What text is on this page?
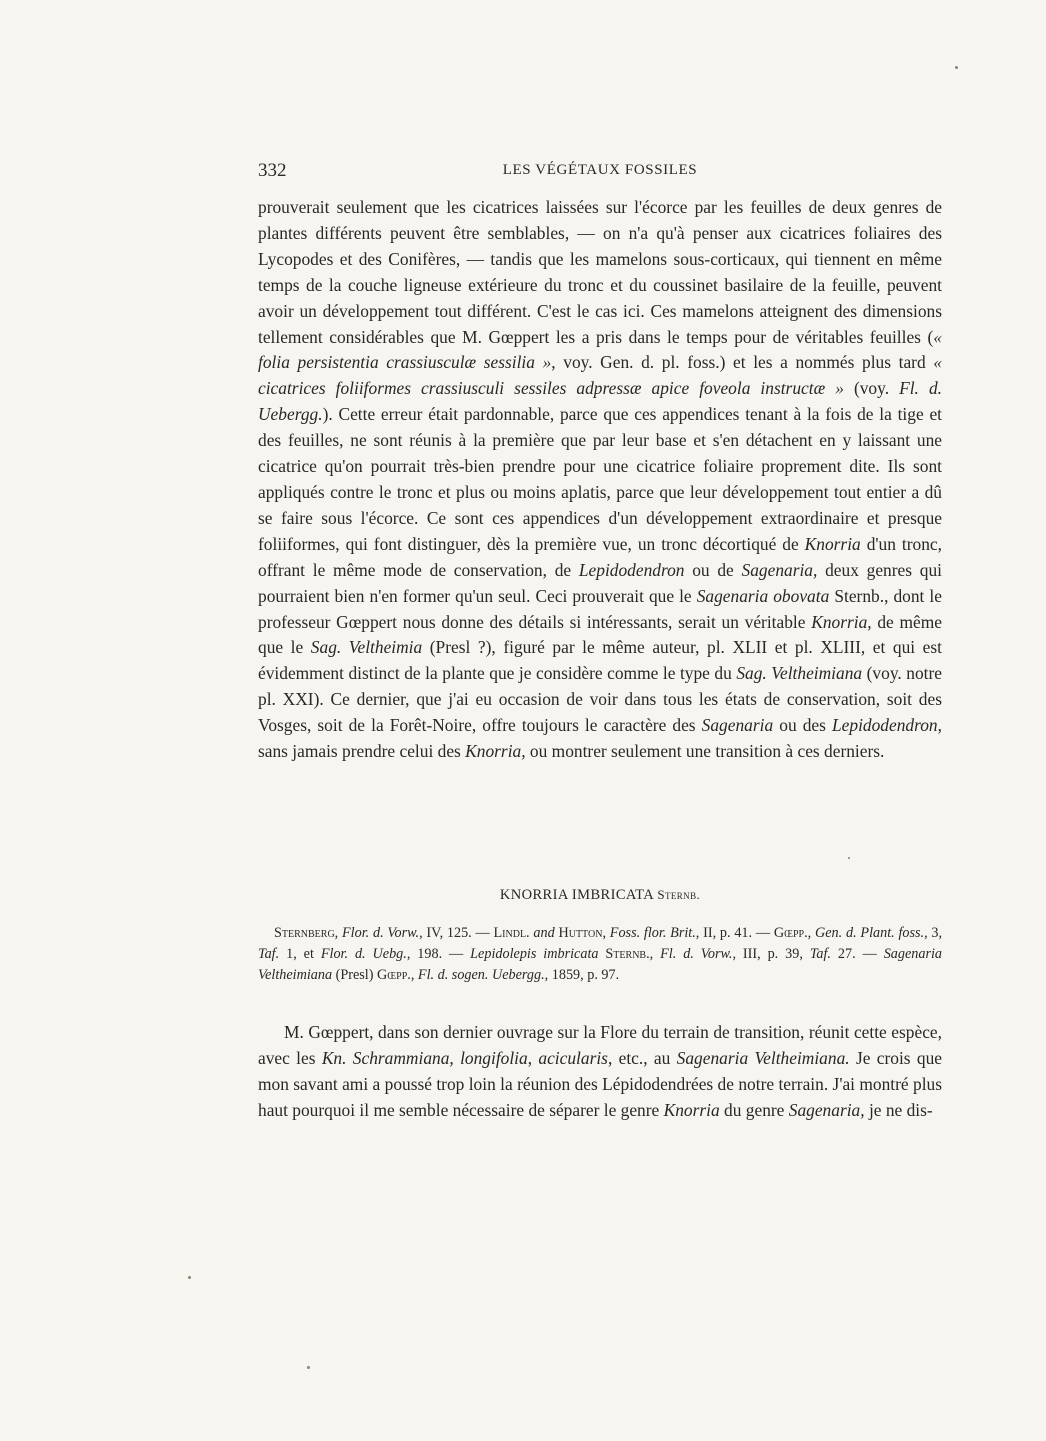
332	LES VÉGÉTAUX FOSSILES

prouverait seulement que les cicatrices laissées sur l'écorce par les feuilles de deux genres de plantes différents peuvent être semblables, — on n'a qu'à penser aux cicatrices foliaires des Lycopodes et des Conifères, — tandis que les mamelons sous-corticaux, qui tiennent en même temps de la couche ligneuse extérieure du tronc et du coussinet basilaire de la feuille, peuvent avoir un développement tout différent. C'est le cas ici. Ces mamelons atteignent des dimensions tellement considérables que M. Gœppert les a pris dans le temps pour de véritables feuilles (« folia persistentia crassiusculæ sessilia », voy. Gen. d. pl. foss.) et les a nommés plus tard « cicatrices foliiformes crassiusculi sessiles adpressæ apice foveola instructæ » (voy. Fl. d. Uebergg.). Cette erreur était pardonnable, parce que ces appendices tenant à la fois de la tige et des feuilles, ne sont réunis à la première que par leur base et s'en détachent en y laissant une cicatrice qu'on pourrait très-bien prendre pour une cicatrice foliaire proprement dite. Ils sont appliqués contre le tronc et plus ou moins aplatis, parce que leur développement tout entier a dû se faire sous l'écorce. Ce sont ces appendices d'un développement extraordinaire et presque foliiformes, qui font distinguer, dès la première vue, un tronc décortiqué de Knorria d'un tronc, offrant le même mode de conservation, de Lepidodendron ou de Sagenaria, deux genres qui pourraient bien n'en former qu'un seul. Ceci prouverait que le Sagenaria obovata Sternb., dont le professeur Gœppert nous donne des détails si intéressants, serait un véritable Knorria, de même que le Sag. Veltheimia (Presl ?), figuré par le même auteur, pl. XLII et pl. XLIII, et qui est évidemment distinct de la plante que je considère comme le type du Sag. Veltheimiana (voy. notre pl. XXI). Ce dernier, que j'ai eu occasion de voir dans tous les états de conservation, soit des Vosges, soit de la Forêt-Noire, offre toujours le caractère des Sagenaria ou des Lepidodendron, sans jamais prendre celui des Knorria, ou montrer seulement une transition à ces derniers.

KNORRIA IMBRICATA Sternb.

Sternberg, Flor. d. Vorw., IV, 125. — Lindl. and Hutton, Foss. flor. Brit., II, p. 41. — Gœpp., Gen. d. Plant. foss., 3, Taf. 1, et Flor. d. Uebg., 198. — Lepidolepis imbricata Sternb., Fl. d. Vorw., III, p. 39, Taf. 27. — Sagenaria Veltheimiana (Presl) Gœpp., Fl. d. sogen. Uebergg., 1859, p. 97.

M. Gœppert, dans son dernier ouvrage sur la Flore du terrain de transition, réunit cette espèce, avec les Kn. Schrammiana, longifolia, acicularis, etc., au Sagenaria Veltheimiana. Je crois que mon savant ami a poussé trop loin la réunion des Lépidodendrées de notre terrain. J'ai montré plus haut pourquoi il me semble nécessaire de séparer le genre Knorria du genre Sagenaria, je ne dis-
